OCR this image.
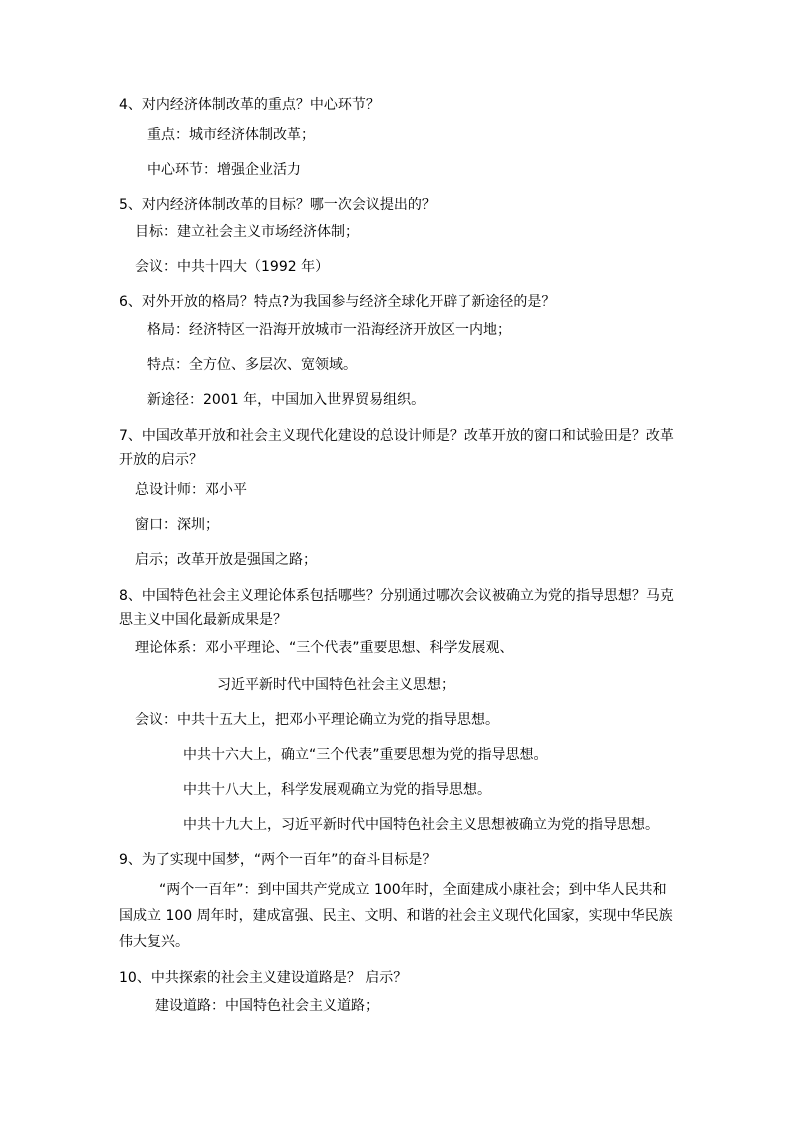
4、对内经济体制改革的重点？中心环节？
重点：城市经济体制改革；
中心环节：增强企业活力
5、对内经济体制改革的目标？哪一次会议提出的？
目标：建立社会主义市场经济体制；
会议：中共十四大（1992 年）
6、对外开放的格局？特点?为我国参与经济全球化开辟了新途径的是？
格局：经济特区一沿海开放城市一沿海经济开放区一内地；
特点：全方位、多层次、宽领域。
新途径：2001 年，中国加入世界贸易组织。
7、中国改革开放和社会主义现代化建设的总设计师是？改革开放的窗口和试验田是？改革开放的启示？
总设计师：邓小平
窗口：深圳；
启示；改革开放是强国之路；
8、中国特色社会主义理论体系包括哪些？分别通过哪次会议被确立为党的指导思想？马克思主义中国化最新成果是？
理论体系：邓小平理论、“三个代表”重要思想、科学发展观、
习近平新时代中国特色社会主义思想；
会议：中共十五大上，把邓小平理论确立为党的指导思想。
中共十六大上，确立“三个代表”重要思想为党的指导思想。
中共十八大上，科学发展观确立为党的指导思想。
中共十九大上，习近平新时代中国特色社会主义思想被确立为党的指导思想。
9、为了实现中国梦，“两个一百年”的奋斗目标是？
“两个一百年”：到中国共产党成立 100年时，全面建成小康社会；到中华人民共和国成立 100 周年时，建成富强、民主、文明、和谐的社会主义现代化国家，实现中华民族伟大复兴。
10、中共探索的社会主义建设道路是？ 启示？
建设道路：中国特色社会主义道路；
